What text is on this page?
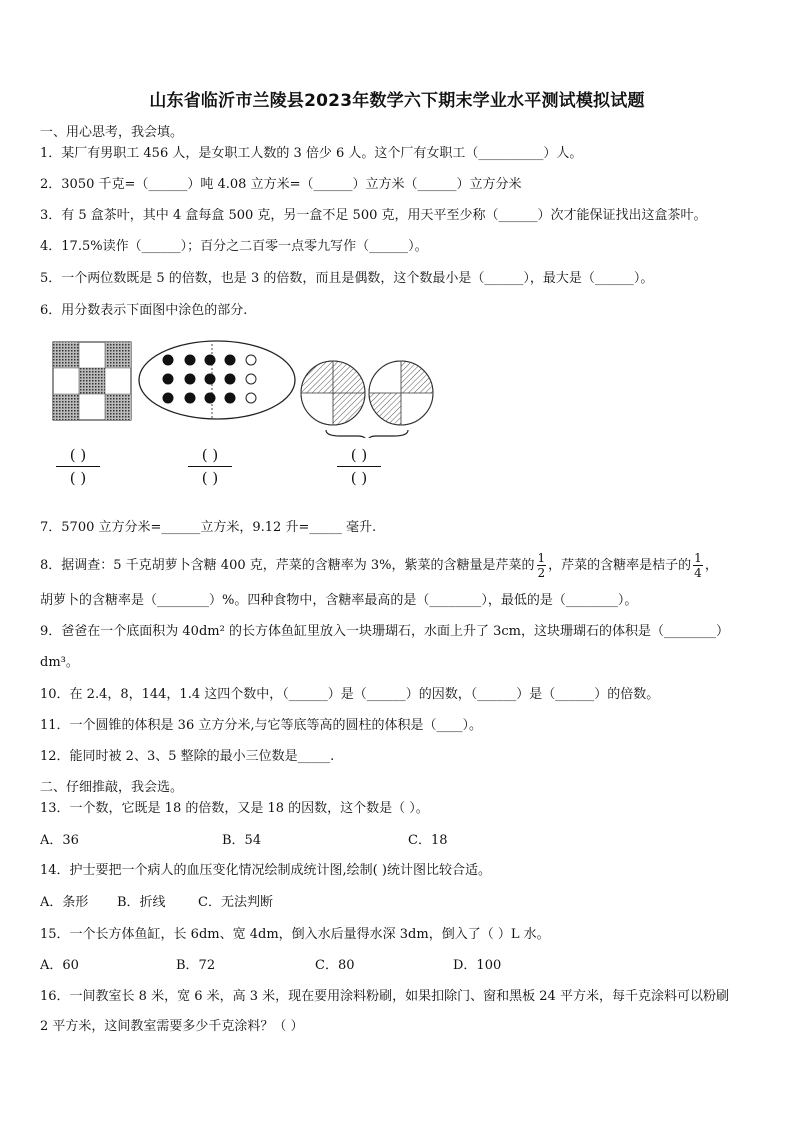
山东省临沂市兰陵县2023年数学六下期末学业水平测试模拟试题
一、用心思考，我会填。
1．某厂有男职工 456 人，是女职工人数的 3 倍少 6 人。这个厂有女职工（__________）人。
2．3050 千克=（______）吨 4.08 立方米=（______）立方米（______）立方分米
3．有 5 盒茶叶，其中 4 盒每盒 500 克，另一盒不足 500 克，用天平至少称（______）次才能保证找出这盒茶叶。
4．17.5%读作（______）；百分之二百零一点零九写作（______）。
5．一个两位数既是 5 的倍数，也是 3 的倍数，而且是偶数，这个数最小是（______），最大是（______）。
6．用分数表示下面图中涂色的部分.
( )
( )
( )
( )
( )
( )
7．5700 立方分米=______立方米，9.12 升=_____ 毫升.
8．据调查：5 千克胡萝卜含糖 400 克，芹菜的含糖率为 3%，紫菜的含糖量是芹菜的 $\frac{1}{2}$ ，芹菜的含糖率是桔子的 $\frac{1}{4}$ ，
胡萝卜的含糖率是（________）%。四种食物中，含糖率最高的是（________），最低的是（________）。
9．爸爸在一个底面积为 40dm² 的长方体鱼缸里放入一块珊瑚石，水面上升了 3cm，这块珊瑚石的体积是（________）
dm³。
10．在 2.4，8，144，1.4 这四个数中，（______）是（______）的因数，（______）是（______）的倍数。
11．一个圆锥的体积是 36 立方分米,与它等底等高的圆柱的体积是（____）。
12．能同时被 2、3、5 整除的最小三位数是_____.
二、仔细推敲，我会选。
13．一个数，它既是 18 的倍数，又是 18 的因数，这个数是（ ）。
A．36	B．54	C．18
14．护士要把一个病人的血压变化情况绘制成统计图,绘制( )统计图比较合适。
A．条形 B．折线 C．无法判断
15．一个长方体鱼缸，长 6dm、宽 4dm，倒入水后量得水深 3dm，倒入了（ ）L 水。
A．60	B．72	C．80	D．100
16．一间教室长 8 米，宽 6 米，高 3 米，现在要用涂料粉刷，如果扣除门、窗和黑板 24 平方米，每千克涂料可以粉刷
2 平方米，这间教室需要多少千克涂料？（ ）
